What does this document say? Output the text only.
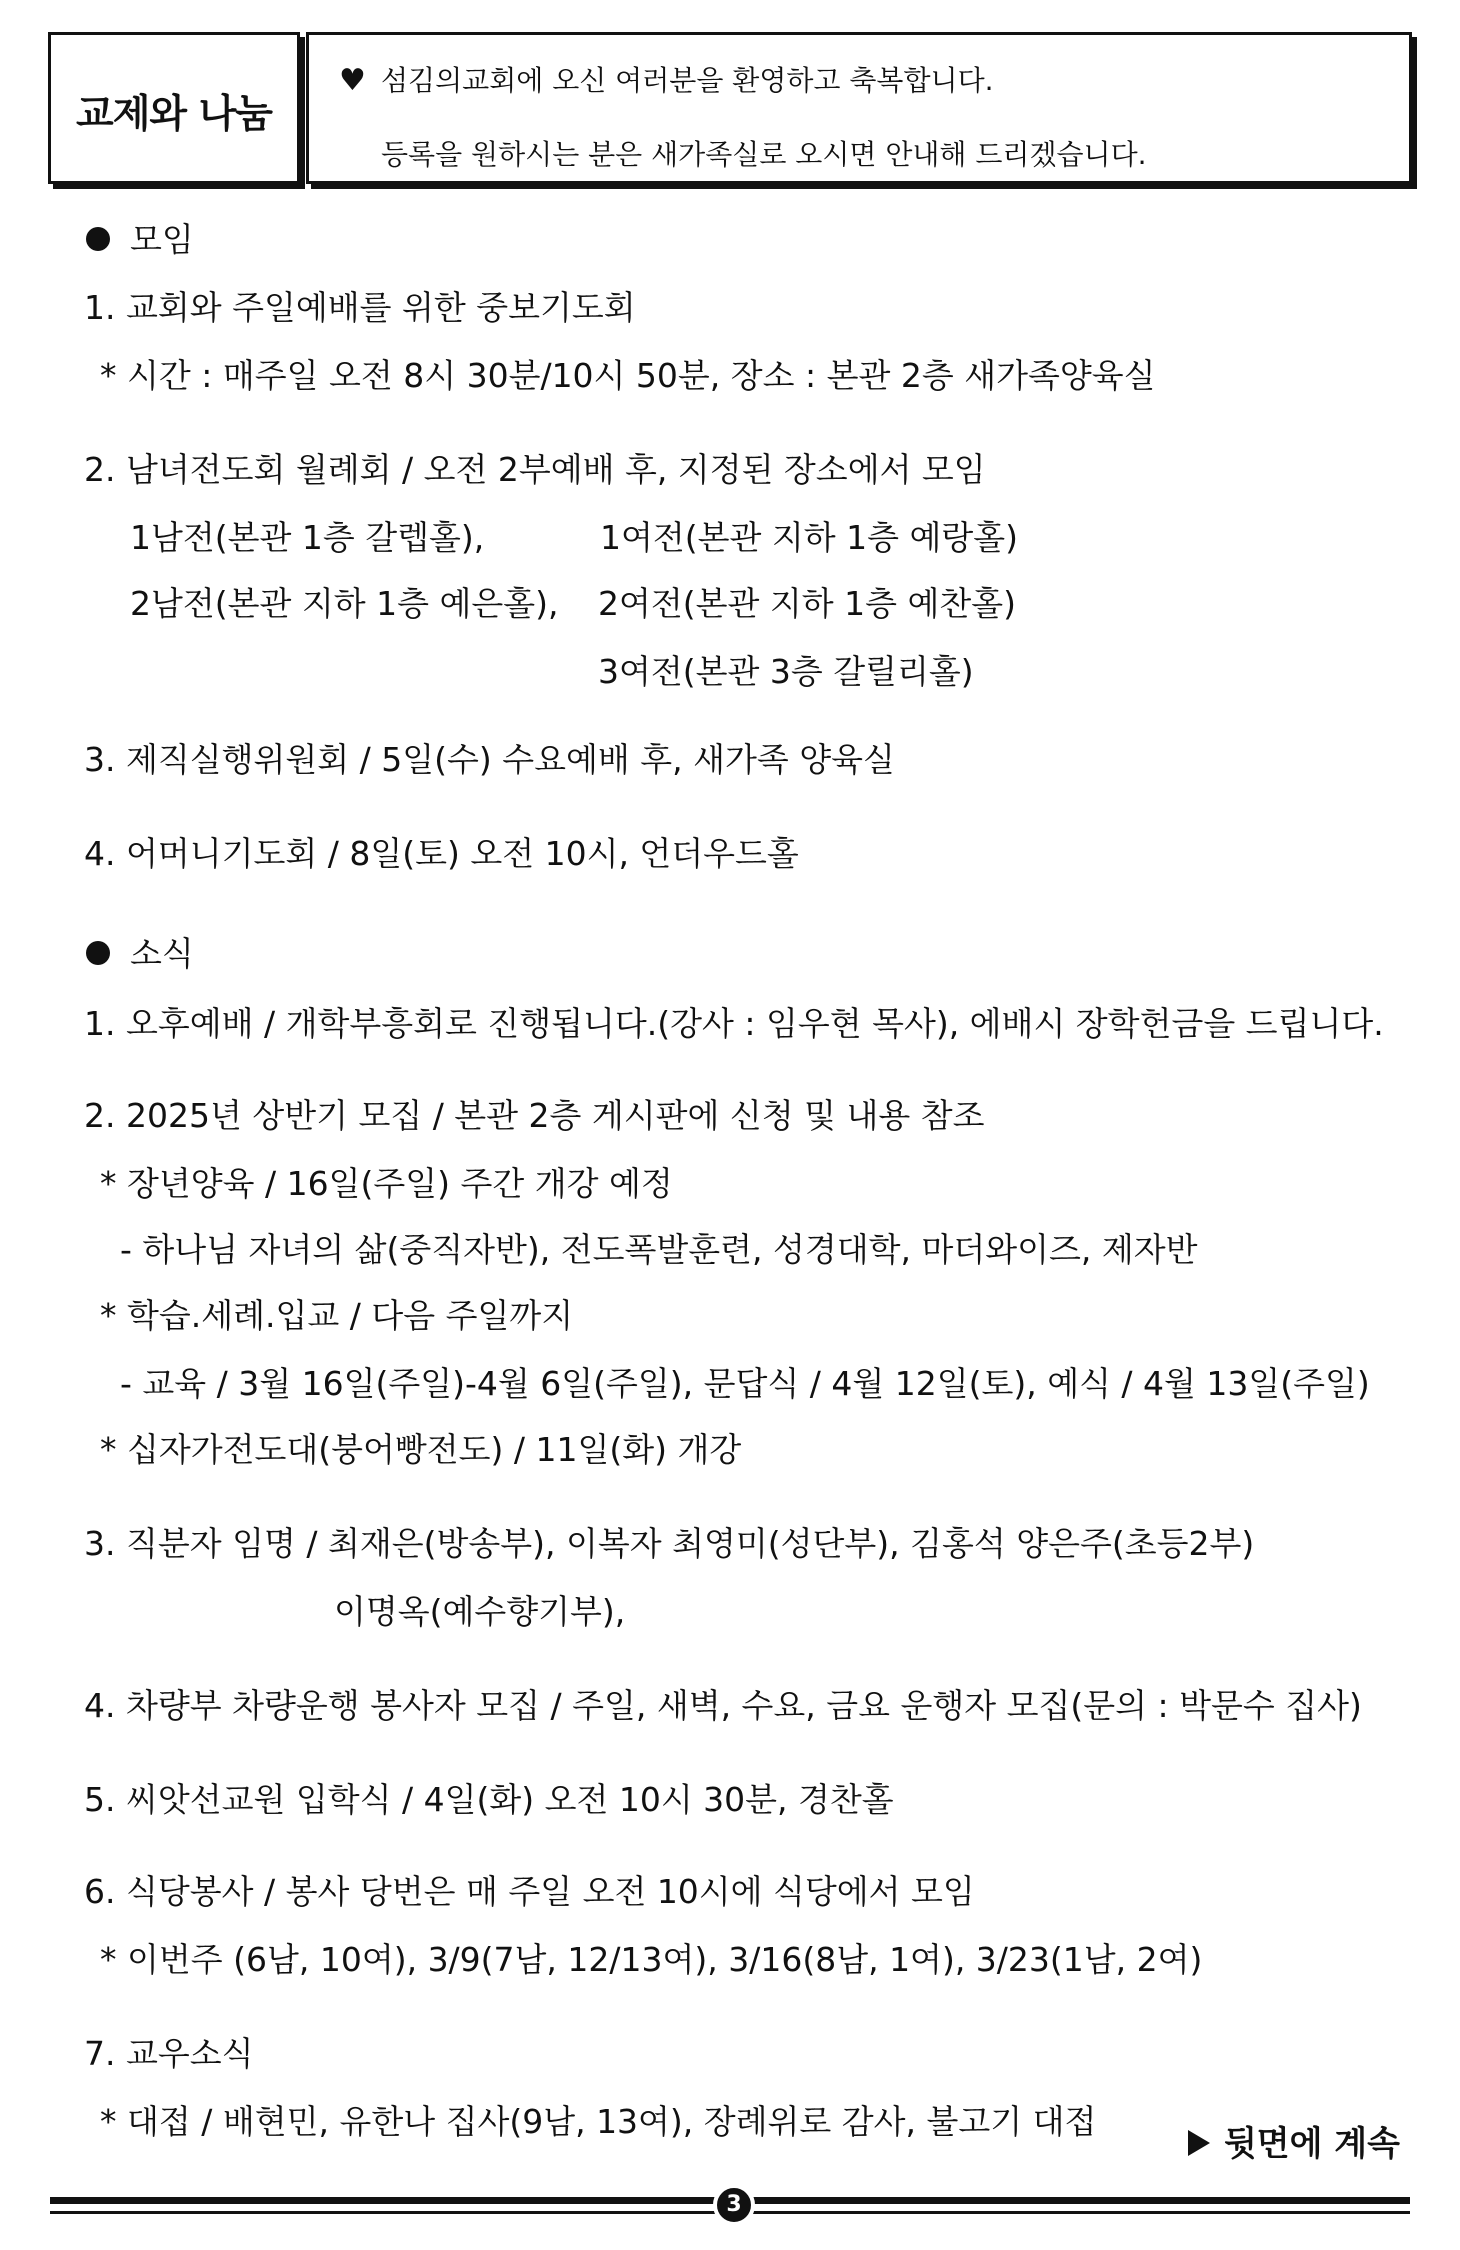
교제와 나눔
♥ 섬김의교회에 오신 여러분을 환영하고 축복합니다.
등록을 원하시는 분은 새가족실로 오시면 안내해 드리겠습니다.
모임
1. 교회와 주일예배를 위한 중보기도회
* 시간 : 매주일 오전 8시 30분/10시 50분, 장소 : 본관 2층 새가족양육실
2. 남녀전도회 월례회 / 오전 2부예배 후, 지정된 장소에서 모임
1남전(본관 1층 갈렙홀),	1여전(본관 지하 1층 예랑홀)
2남전(본관 지하 1층 예은홀), 2여전(본관 지하 1층 예찬홀)
3여전(본관 3층 갈릴리홀)
3. 제직실행위원회 / 5일(수) 수요예배 후, 새가족 양육실
4. 어머니기도회 / 8일(토) 오전 10시, 언더우드홀
소식
1. 오후예배 / 개학부흥회로 진행됩니다.(강사 : 임우현 목사), 에배시 장학헌금을 드립니다.
2. 2025년 상반기 모집 / 본관 2층 게시판에 신청 및 내용 참조
* 장년양육 / 16일(주일) 주간 개강 예정
- 하나님 자녀의 삶(중직자반), 전도폭발훈련, 성경대학, 마더와이즈, 제자반
* 학습.세례.입교 / 다음 주일까지
- 교육 / 3월 16일(주일)-4월 6일(주일), 문답식 / 4월 12일(토), 예식 / 4월 13일(주일)
* 십자가전도대(붕어빵전도) / 11일(화) 개강
3. 직분자 임명 / 최재은(방송부), 이복자 최영미(성단부), 김홍석 양은주(초등2부)
이명옥(예수향기부),
4. 차량부 차량운행 봉사자 모집 / 주일, 새벽, 수요, 금요 운행자 모집(문의 : 박문수 집사)
5. 씨앗선교원 입학식 / 4일(화) 오전 10시 30분, 경찬홀
6. 식당봉사 / 봉사 당번은 매 주일 오전 10시에 식당에서 모임
* 이번주 (6남, 10여), 3/9(7남, 12/13여), 3/16(8남, 1여), 3/23(1남, 2여)
7. 교우소식
* 대접 / 배현민, 유한나 집사(9남, 13여), 장례위로 감사, 불고기 대접
뒷면에 계속
3
